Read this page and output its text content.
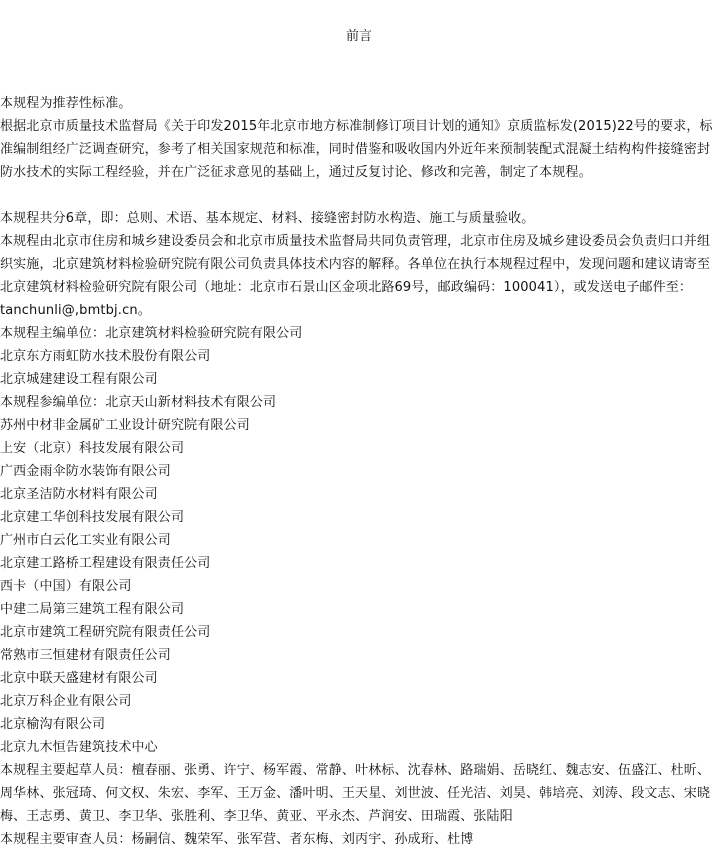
前言

本规程为推荐性标准。

根据北京市质量技术监督局《关于印发2015年北京市地方标准制修订项目计划的通知》京质监标发(2015)22号的要求，标准编制组经广泛调查研究，参考了相关国家规范和标准，同时借鉴和吸收国内外近年来预制装配式混凝土结构构件接缝密封防水技术的实际工程经验，并在广泛征求意见的基础上，通过反复讨论、修改和完善，制定了本规程。

本规程共分6章，即：总则、术语、基本规定、材料、接缝密封防水构造、施工与质量验收。

本规程由北京市住房和城乡建设委员会和北京市质量技术监督局共同负责管理，北京市住房及城乡建设委员会负责归口并组织实施，北京建筑材料检验研究院有限公司负责具体技术内容的解释。各单位在执行本规程过程中，发现问题和建议请寄至北京建筑材料检验研究院有限公司（地址：北京市石景山区金项北路69号，邮政编码：100041），或发送电子邮件至：tanchunli@,bmtbj.cn。

本规程主编单位：北京建筑材料检验研究院有限公司

北京东方雨虹防水技术股份有限公司

北京城建建设工程有限公司

本规程参编单位：北京天山新材料技术有限公司

苏州中材非金属矿工业设计研究院有限公司

上安（北京）科技发展有限公司

广西金雨伞防水装饰有限公司

北京圣洁防水材料有限公司

北京建工华创科技发展有限公司

广州市白云化工实业有限公司

北京建工路桥工程建设有限责任公司

西卡（中国）有限公司

中建二局第三建筑工程有限公司

北京市建筑工程研究院有限责任公司

常熟市三恒建材有限责任公司

北京中联天盛建材有限公司

北京万科企业有限公司

北京榆沟有限公司

北京九木恒告建筑技术中心

本规程主要起草人员：檀春丽、张勇、许宁、杨军霞、常静、叶林标、沈春林、路瑞娟、岳晓红、魏志安、伍盛江、杜昕、周华林、张冠琦、何文权、朱宏、李军、王万金、潘叶明、王天星、刘世波、任光洁、刘昊、韩培亮、刘涛、段文志、宋晓梅、王志勇、黄卫、李卫华、张胜利、李卫华、黄亚、平永杰、芦润安、田瑞霞、张陆阳

本规程主要审查人员：杨嗣信、魏荣军、张军营、者东梅、刘丙宇、孙成珩、杜博
